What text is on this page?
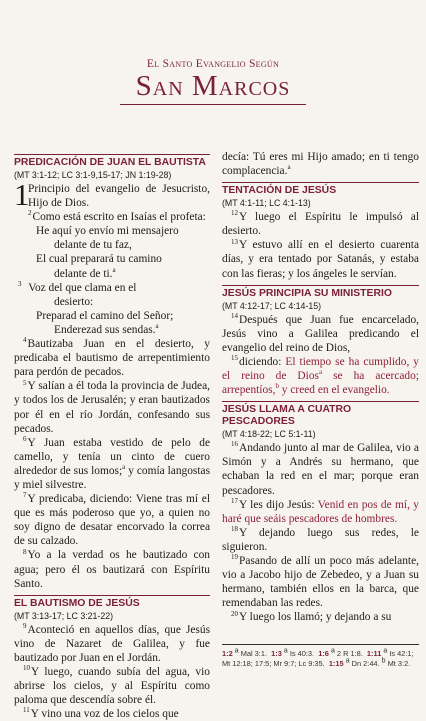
El Santo Evangelio Según
San Marcos
PREDICACIÓN DE JUAN EL BAUTISTA
(MT 3:1-12; LC 3:1-9,15-17; JN 1:19-28)
1

Principio del evangelio de Jesucristo, Hijo de Dios.

$^2$Como está escrito en Isaías el profeta:

He aquí yo envío mi mensajero
delante de tu faz,
El cual preparará tu camino
delante de ti.$^a$
$^3$ Voz del que clama en el
desierto:
Preparad el camino del Señor;
Enderezad sus sendas.$^a$

$^4$Bautizaba Juan en el desierto, y predicaba el bautismo de arrepentimiento para perdón de pecados.

$^5$Y salían a él toda la provincia de Judea, y todos los de Jerusalén; y eran bautizados por él en el río Jordán, confesando sus pecados.

$^6$Y Juan estaba vestido de pelo de camello, y tenía un cinto de cuero alrededor de sus lomos;$^a$ y comía langostas y miel silvestre.

$^7$Y predicaba, diciendo: Viene tras mí el que es más poderoso que yo, a quien no soy digno de desatar encorvado la correa de su calzado.

$^8$Yo a la verdad os he bautizado con agua; pero él os bautizará con Espíritu Santo.

EL BAUTISMO DE JESÚS
(MT 3:13-17; LC 3:21-22)

$^9$Aconteció en aquellos días, que Jesús vino de Nazaret de Galilea, y fue bautizado por Juan en el Jordán.

$^{10}$Y luego, cuando subía del agua, vio abrirse los cielos, y al Espíritu como paloma que descendía sobre él.

$^{11}$Y vino una voz de los cielos que

decía: Tú eres mi Hijo amado; en ti tengo complacencia.$^a$

TENTACIÓN DE JESÚS
(MT 4:1-11; LC 4:1-13)

$^{12}$Y luego el Espíritu le impulsó al desierto.

$^{13}$Y estuvo allí en el desierto cuarenta días, y era tentado por Satanás, y estaba con las fieras; y los ángeles le servían.

JESÚS PRINCIPIA SU MINISTERIO
(MT 4:12-17; LC 4:14-15)

$^{14}$Después que Juan fue encarcelado, Jesús vino a Galilea predicando el evangelio del reino de Dios,

$^{15}$diciendo: El tiempo se ha cumplido, y el reino de Dios$^a$ se ha acercado; arrepentíos,$^b$ y creed en el evangelio.

JESÚS LLAMA A CUATRO PESCADORES
(MT 4:18-22; LC 5:1-11)

$^{16}$Andando junto al mar de Galilea, vio a Simón y a Andrés su hermano, que echaban la red en el mar; porque eran pescadores.

$^{17}$Y les dijo Jesús: Venid en pos de mí, y haré que seáis pescadores de hombres.

$^{18}$Y dejando luego sus redes, le siguieron.

$^{19}$Pasando de allí un poco más adelante, vio a Jacobo hijo de Zebedeo, y a Juan su hermano, también ellos en la barca, que remendaban las redes.

$^{20}$Y luego los llamó; y dejando a su

1:2 a Mal 3:1. 1:3 a Is 40:3. 1:6 a 2 R 1:8. 1:11 a Is 42:1; Mt 12:18; 17:5; Mr 9:7; Lc 9:35. 1:15 a Dn 2:44. b Mt 3:2.
